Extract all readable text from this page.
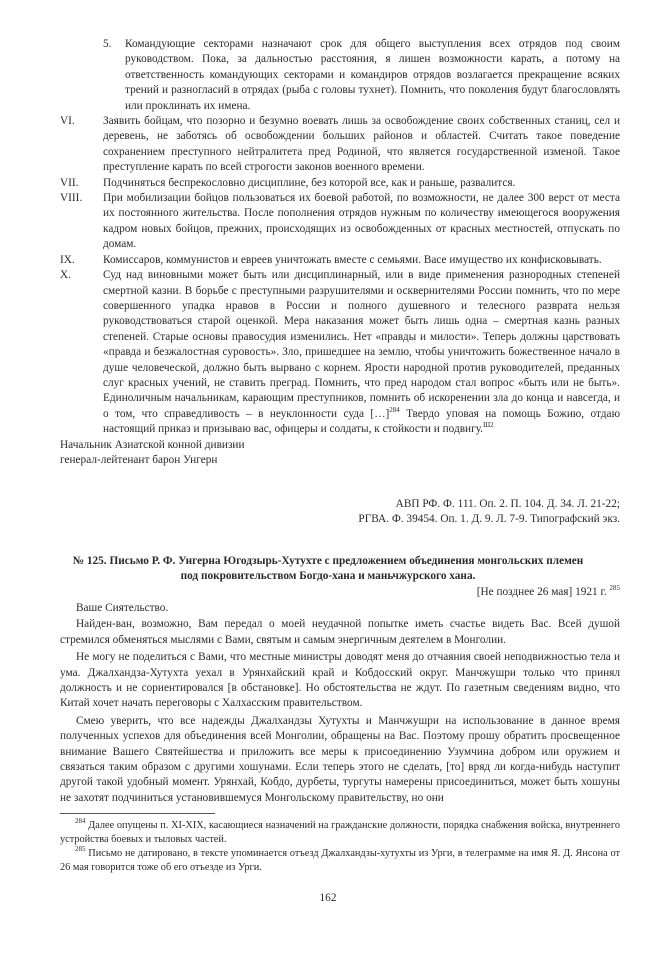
5.	Командующие секторами назначают срок для общего выступления всех отрядов под своим руководством. Пока, за дальностью расстояния, я лишен возможности карать, а потому на ответственность командующих секторами и командиров отрядов возлагается прекращение всяких трений и разногласий в отрядах (рыба с головы тухнет). Помнить, что поколения будут благословлять или проклинать их имена.
VI.	Заявить бойцам, что позорно и безумно воевать лишь за освобождение своих собственных станиц, сел и деревень, не заботясь об освобождении больших районов и областей. Считать такое поведение сохранением преступного нейтралитета пред Родиной, что является государственной изменой. Такое преступление карать по всей строгости законов военного времени.
VII.	Подчиняться беспрекословно дисциплине, без которой все, как и раньше, развалится.
VIII.	При мобилизации бойцов пользоваться их боевой работой, по возможности, не далее 300 верст от места их постоянного жительства. После пополнения отрядов нужным по количеству имеющегося вооружения кадром новых бойцов, прежних, происходящих из освобожденных от красных местностей, отпускать по домам.
IX.	Комиссаров, коммунистов и евреев уничтожать вместе с семьями. Васе имущество их конфисковывать.
X.	Суд над виновными может быть или дисциплинарный, или в виде применения разнородных степеней смертной казни. В борьбе с преступными разрушителями и осквернителями России помнить, что по мере совершенного упадка нравов в России и полного душевного и телесного разврата нельзя руководствоваться старой оценкой. Мера наказания может быть лишь одна – смертная казнь разных степеней. Старые основы правосудия изменились. Нет «правды и милости». Теперь должны царствовать «правда и безжалостная суровость». Зло, пришедшее на землю, чтобы уничтожить божественное начало в душе человеческой, должно быть вырвано с корнем. Ярости народной против руководителей, преданных слуг красных учений, не ставить преград. Помнить, что пред народом стал вопрос «быть или не быть». Единоличным начальникам, карающим преступников, помнить об искоренении зла до конца и навсегда, и о том, что справедливость – в неуклонности суда […]$^{284}$ Твердо уповая на помощь Божию, отдаю настоящий приказ и призываю вас, офицеры и солдаты, к стойкости и подвигу.$^{Ш2}$
Начальник Азиатской конной дивизии
генерал-лейтенант барон Унгерн
АВП РФ. Ф. 111. Оп. 2. П. 104. Д. 34. Л. 21-22;
РГВА. Ф. 39454. Оп. 1. Д. 9. Л. 7-9. Типографский экз.
№ 125. Письмо Р. Ф. Унгерна Югодзырь-Хутухте с предложением объединения монгольских племен
под покровительством Богдо-хана и маньчжурского хана.
[Не позднее 26 мая] 1921 г. $^{285}$

Ваше Сиятельство.

Найден-ван, возможно, Вам передал о моей неудачной попытке иметь счастье видеть Вас. Всей душой стремился обменяться мыслями с Вами, святым и самым энергичным деятелем в Монголии.

Не могу не поделиться с Вами, что местные министры доводят меня до отчаяния своей неподвижностью тела и ума. Джалхандза-Хутухта уехал в Урянхайский край и Кобдосский округ. Манчжушри только что принял должность и не сориентировался [в обстановке]. Но обстоятельства не ждут. По газетным сведениям видно, что Китай хочет начать переговоры с Халхасским правительством.

Смею уверить, что все надежды Джалхандзы Хутухты и Манчжушри на использование в данное время полученных успехов для объединения всей Монголии, обращены на Вас. Поэтому прошу обратить просвещенное внимание Вашего Святейшества и приложить все меры к присоединению Узумчина добром или оружием и связаться таким образом с другими хошунами. Если теперь этого не сделать, [то] вряд ли когда-нибудь наступит другой такой удобный момент. Урянхай, Кобдо, дурбеты, тургуты намерены присоединиться, может быть хошуны не захотят подчиниться установившемуся Монгольскому правительству, но они

$^{284}$ Далее опущены п. XI-XIX, касающиеся назначений на гражданские должности, порядка снабжения войска, внутреннего устройства боевых и тыловых частей.

$^{285}$ Письмо не датировано, в тексте упоминается отъезд Джалхандзы-хутухты из Урги, в телеграмме на имя Я. Д. Янсона от 26 мая говорится тоже об его отъезде из Урги.

162
